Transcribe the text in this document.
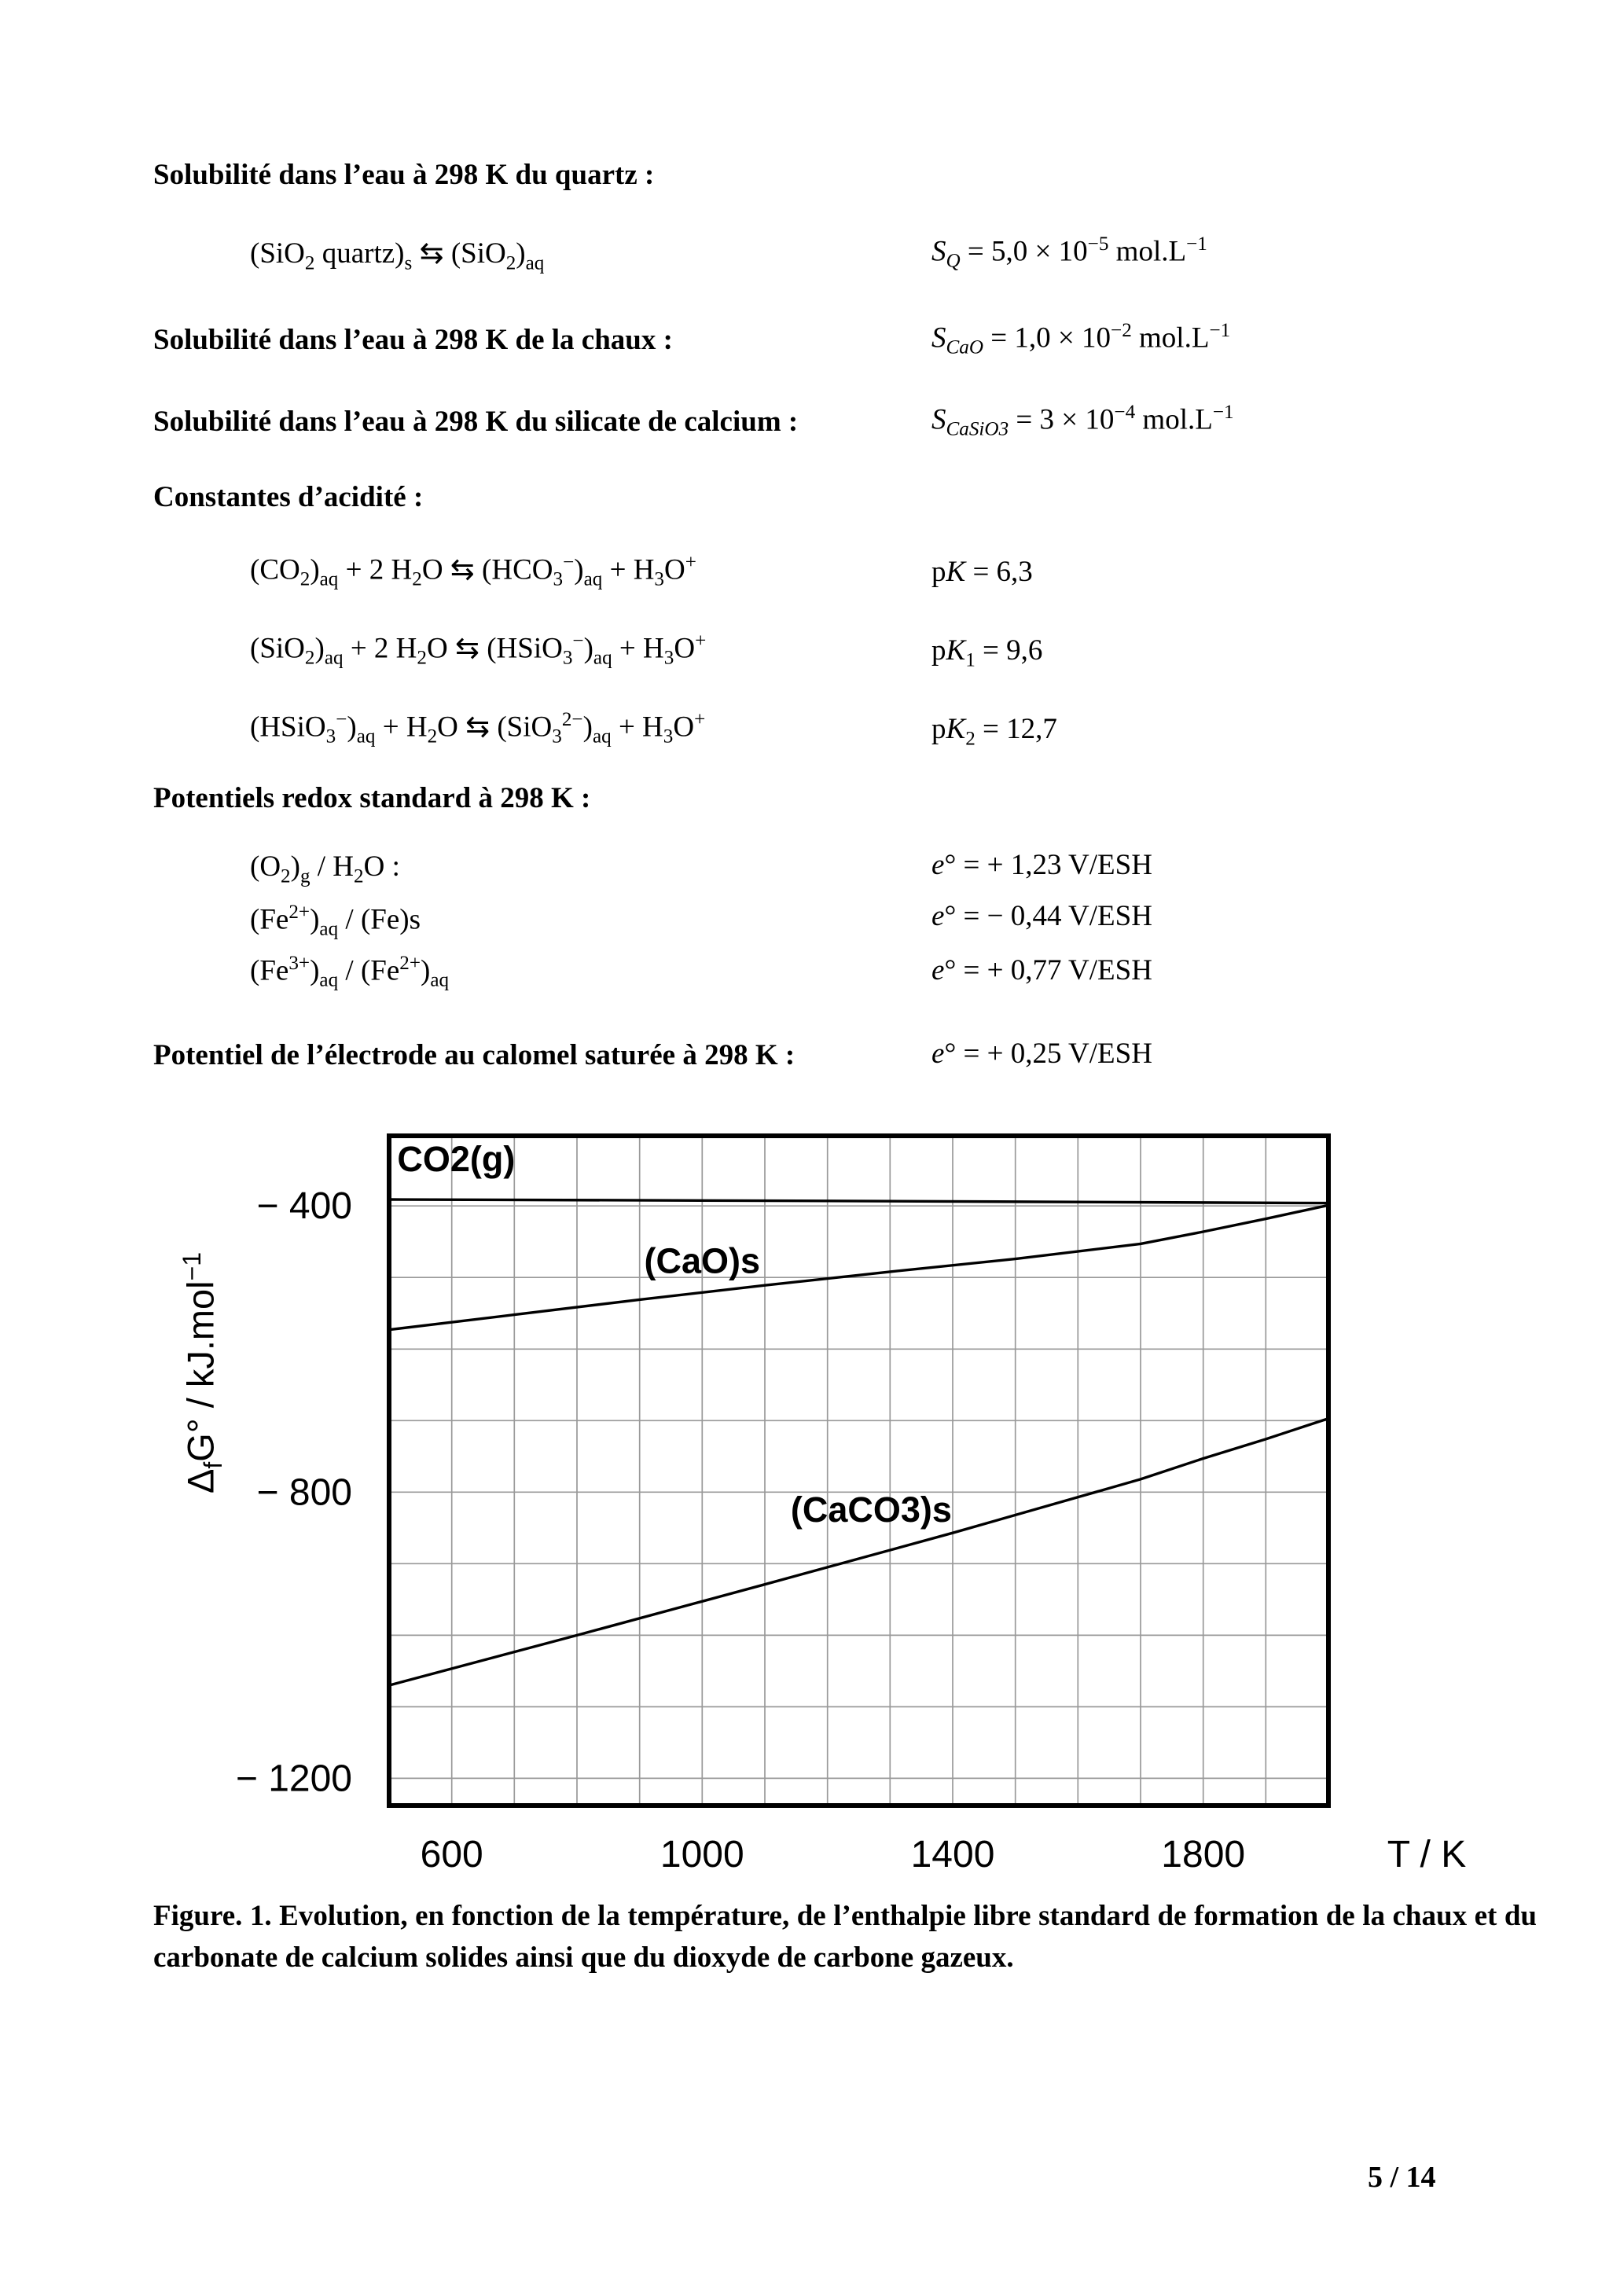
Solubilité dans l’eau à 298 K du quartz :
(SiO$_2$ $quartz)_s$ ⇆ $(SiO_2)_{aq}$	$S_Q = 5,0 \times 10^{-5}$ $mol.L^{-1}$
Solubilité dans l’eau à 298 K de la chaux :	$S_{CaO} = 1,0 \times 10^{-2}$ $mol.L^{-1}$
Solubilité dans l’eau à 298 K du silicate de calcium :	$S_{CaSiO3} = 3 \times 10^{-4}$ $mol.L^{-1}$
Constantes d’acidité :
$(CO_2)_{aq} + 2$ $H_2O$ ⇆ $(HCO_3^-)_{aq} + H_3O^+$	pK = 6,3
$(SiO_2)_{aq} + 2$ $H_2O$ ⇆ $(HSiO_3^-)_{aq} + H_3O^+$	$pK_1 = 9,6$
$(HSiO_3^-)_{aq} + H_2O$ ⇆ $(SiO_3^{2-})_{aq} + H_3O^+$	$pK_2 = 12,7$
Potentiels redox standard à 298 K :
$(O_2)_g / H_2O$ :	e° = + 1,23 V/ESH
$(Fe^{2+})_{aq} / (Fe)s$	e° = − 0,44 V/ESH
$(Fe^{3+})_{aq} / (Fe^{2+})_{aq}$	e° = + 0,77 V/ESH
Potentiel de l’électrode au calomel saturée à 298 K :	e° = + 0,25 V/ESH
CO2(g)
(CaO)s
(CaCO3)s
600	1000	1400	1800	T / K
− 400
− 800
− 1200
$\Delta_fG^\circ / kJ.mol^{-1}$
Figure. 1. Evolution, en fonction de la température, de l’enthalpie libre standard de formation de la chaux et du carbonate de calcium solides ainsi que du dioxyde de carbone gazeux.
5 / 14
